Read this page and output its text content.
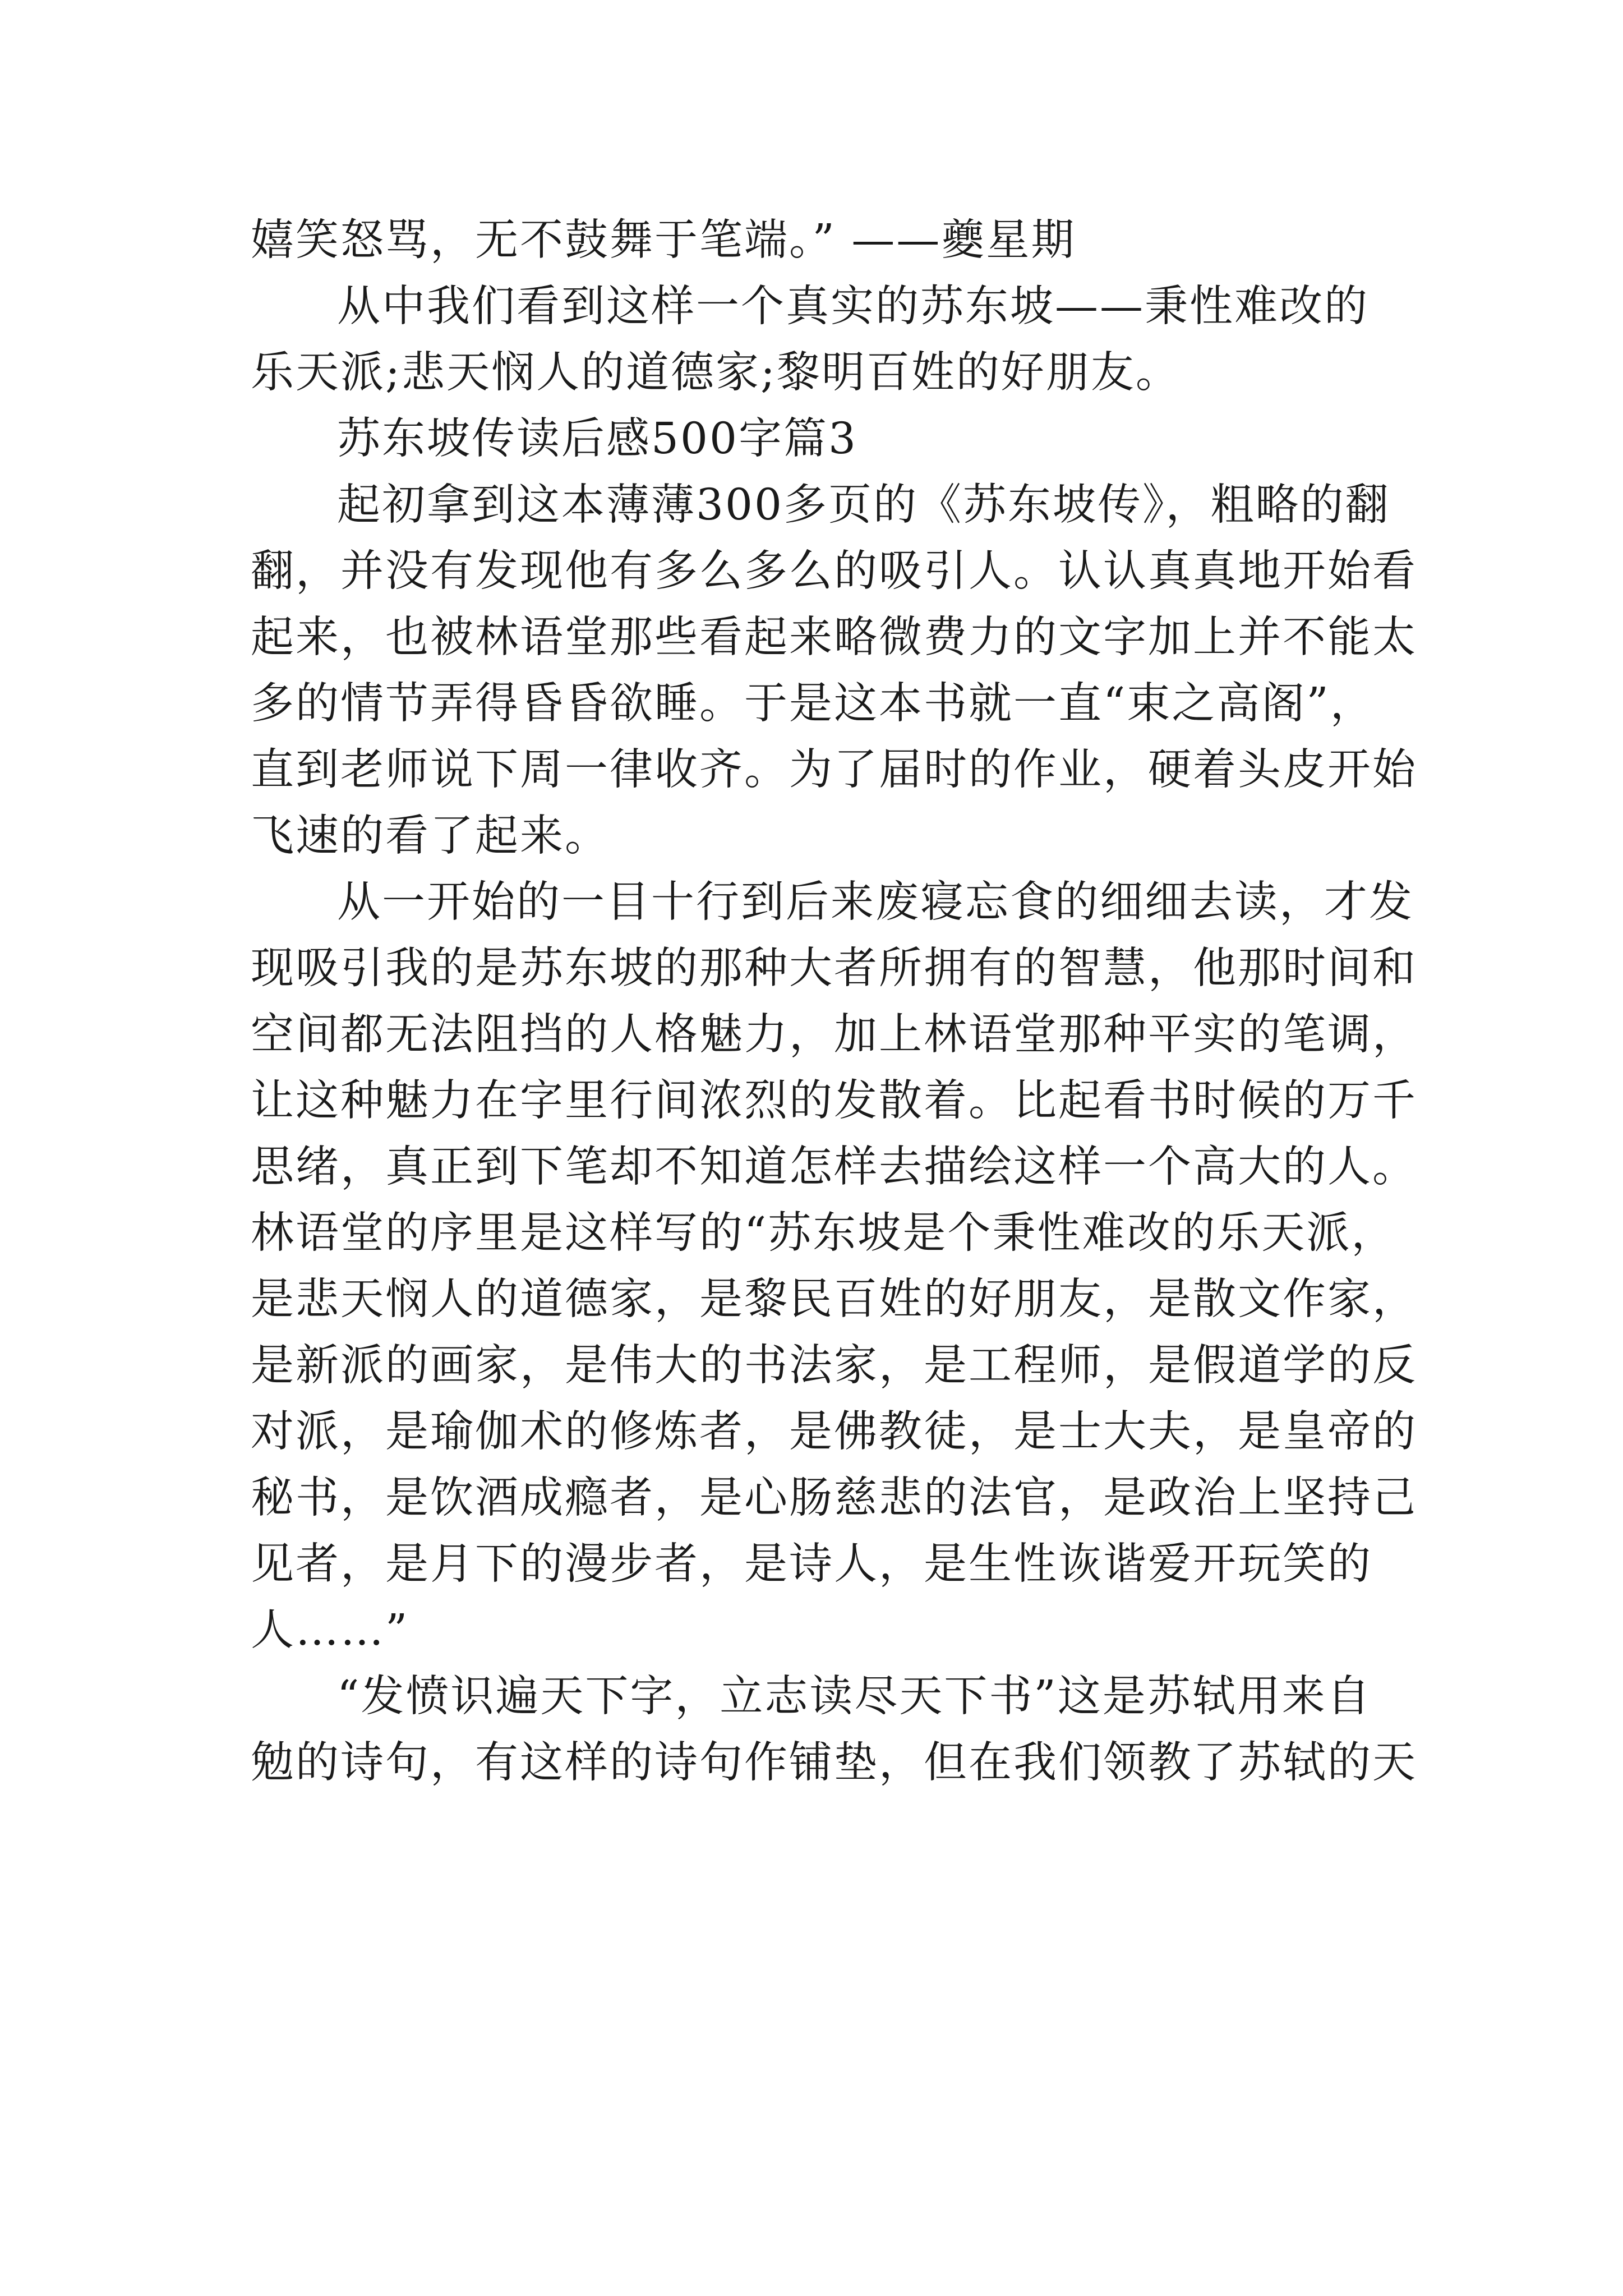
嬉笑怒骂，无不鼓舞于笔端。” ——夔星期
从中我们看到这样一个真实的苏东坡——秉性难改的
乐天派;悲天悯人的道德家;黎明百姓的好朋友。
苏东坡传读后感500字篇3
起初拿到这本薄薄300多页的《苏东坡传》，粗略的翻
翻，并没有发现他有多么多么的吸引人。认认真真地开始看
起来，也被林语堂那些看起来略微费力的文字加上并不能太
多的情节弄得昏昏欲睡。于是这本书就一直“束之高阁”，
直到老师说下周一律收齐。为了届时的作业，硬着头皮开始
飞速的看了起来。
从一开始的一目十行到后来废寝忘食的细细去读，才发
现吸引我的是苏东坡的那种大者所拥有的智慧，他那时间和
空间都无法阻挡的人格魅力，加上林语堂那种平实的笔调，
让这种魅力在字里行间浓烈的发散着。比起看书时候的万千
思绪，真正到下笔却不知道怎样去描绘这样一个高大的人。
林语堂的序里是这样写的“苏东坡是个秉性难改的乐天派，
是悲天悯人的道德家，是黎民百姓的好朋友，是散文作家，
是新派的画家，是伟大的书法家，是工程师，是假道学的反
对派，是瑜伽术的修炼者，是佛教徒，是士大夫，是皇帝的
秘书，是饮酒成瘾者，是心肠慈悲的法官，是政治上坚持己
见者，是月下的漫步者，是诗人，是生性诙谐爱开玩笑的
人……”
“发愤识遍天下字，立志读尽天下书”这是苏轼用来自
勉的诗句，有这样的诗句作铺垫，但在我们领教了苏轼的天
